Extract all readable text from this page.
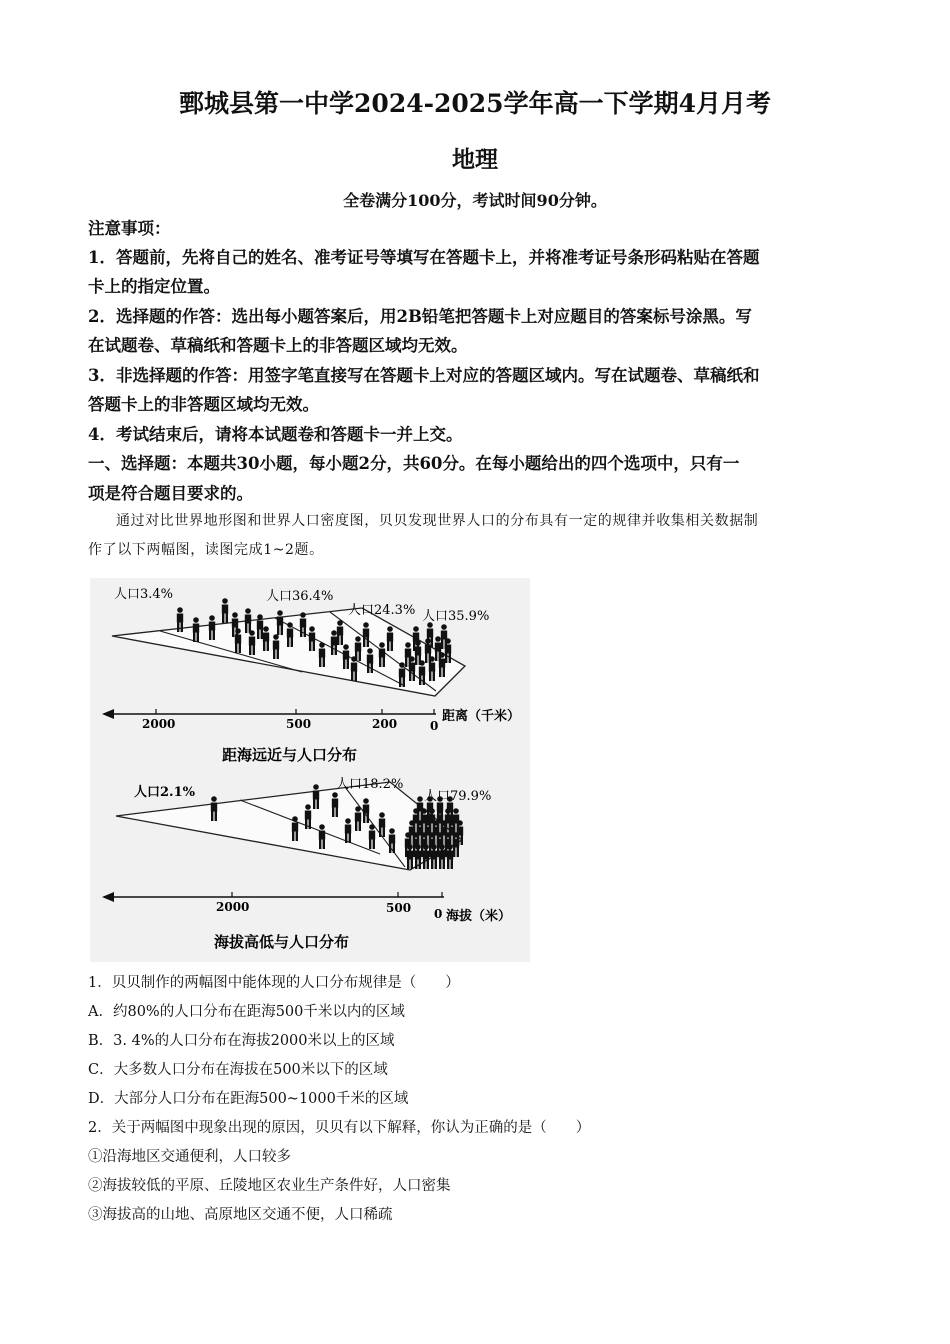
鄄城县第一中学2024-2025学年高一下学期4月月考
地理
全卷满分100分，考试时间90分钟。
注意事项：
1．答题前，先将自己的姓名、准考证号等填写在答题卡上，并将准考证号条形码粘贴在答题
卡上的指定位置。
2．选择题的作答：选出每小题答案后，用2B铅笔把答题卡上对应题目的答案标号涂黑。写
在试题卷、草稿纸和答题卡上的非答题区域均无效。
3．非选择题的作答：用签字笔直接写在答题卡上对应的答题区域内。写在试题卷、草稿纸和
答题卡上的非答题区域均无效。
4．考试结束后，请将本试题卷和答题卡一并上交。
一、选择题：本题共30小题，每小题2分，共60分。在每小题给出的四个选项中，只有一
项是符合题目要求的。
通过对比世界地形图和世界人口密度图，贝贝发现世界人口的分布具有一定的规律并收集相关数据制
作了以下两幅图，读图完成1~2题。
人口3.4%	人口36.4%
人口24.3% 人口35.9%
2000	500	200	0
距离（千米）
距海远近与人口分布
人口2.1%
人口18.2%
人口79.9%
2000	500 0 海拔（米）
海拔高低与人口分布
1．贝贝制作的两幅图中能体现的人口分布规律是（　　）
A．约80%的人口分布在距海500千米以内的区域
B．3. 4%的人口分布在海拔2000米以上的区域
C．大多数人口分布在海拔在500米以下的区域
D．大部分人口分布在距海500~1000千米的区域
2．关于两幅图中现象出现的原因，贝贝有以下解释，你认为正确的是（　　）
①沿海地区交通便利，人口较多
②海拔较低的平原、丘陵地区农业生产条件好，人口密集
③海拔高的山地、高原地区交通不便，人口稀疏
